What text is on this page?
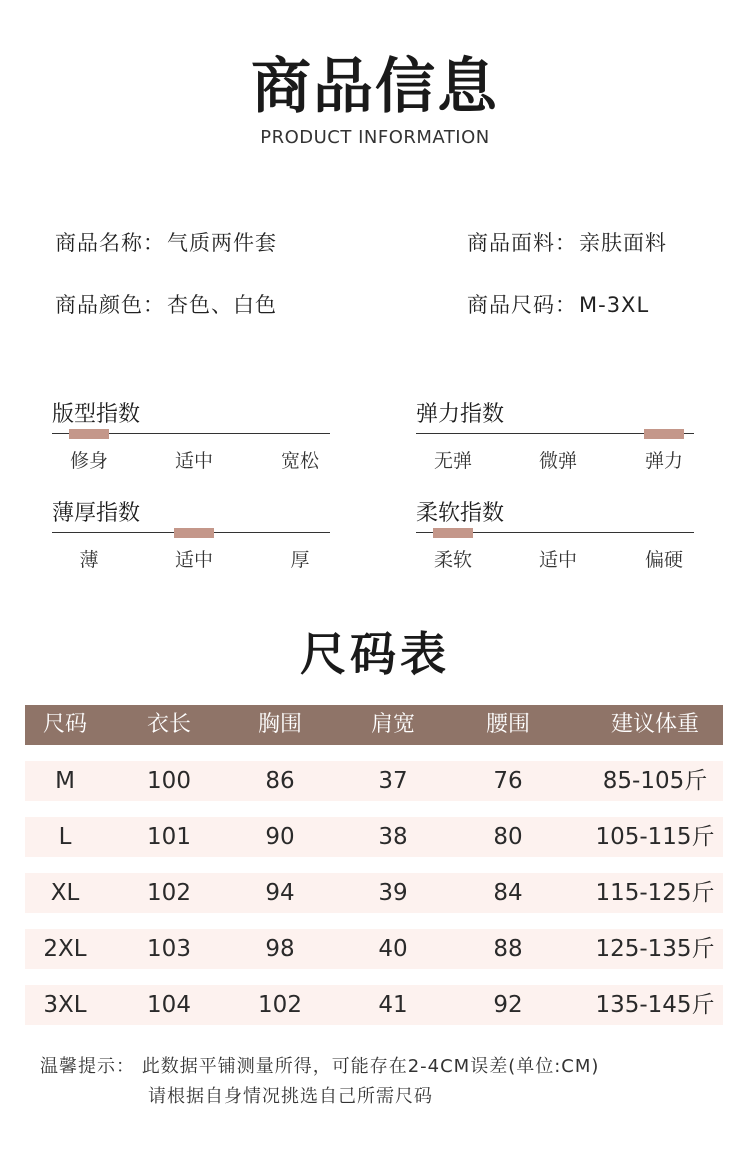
商品信息
PRODUCT INFORMATION
商品名称：气质两件套	商品面料：亲肤面料
商品颜色：杏色、白色	商品尺码：M-3XL
版型指数
修身	适中	宽松
弹力指数
无弹	微弹	弹力
薄厚指数
薄	适中	厚
柔软指数
柔软	适中	偏硬
尺码表
尺码	衣长	胸围	肩宽	腰围	建议体重
M	100	86	37	76	85-105斤
L	101	90	38	80	105-115斤
XL	102	94	39	84	115-125斤
2XL	103	98	40	88	125-135斤
3XL	104	102	41	92	135-145斤
温馨提示： 此数据平铺测量所得，可能存在2-4CM误差(单位:CM)
请根据自身情况挑选自己所需尺码
